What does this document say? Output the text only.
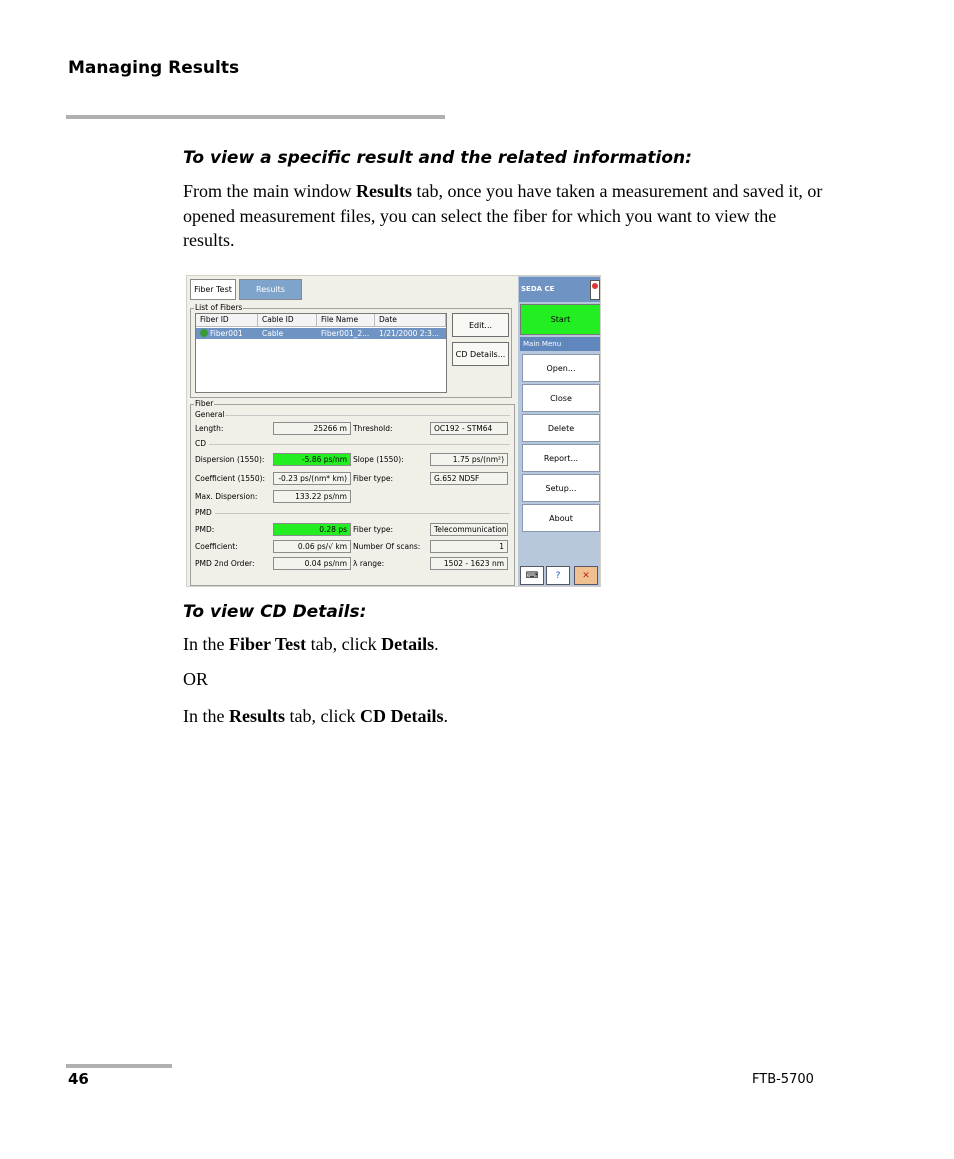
Managing Results
To view a specific result and the related information:
From the main window Results tab, once you have taken a measurement and saved it, or opened measurement files, you can select the fiber for which you want to view the results.
Fiber Test	Results
List of Fibers
Fiber ID	Cable ID	File Name	Date
Fiber001	Cable	Fiber001_2...	1/21/2000 2:3...
Edit...
CD Details...
Fiber
General
Length:	25266 m Threshold:	OC192 - STM64
CD
Dispersion (1550):	-5.86 ps/nm Slope (1550):	1.75 ps/(nm²)
Coefficient (1550):	-0.23 ps/(nm* km) Fiber type:	G.652 NDSF
Max. Dispersion:	133.22 ps/nm
PMD
PMD:	0.28 ps Fiber type:	Telecommunication
Coefficient:	0.06 ps/√ km Number Of scans:	1
PMD 2nd Order:	0.04 ps/nm λ range:	1502 - 1623 nm
SEDA CE
Start
Main Menu
Open...
Close
Delete
Report...
Setup...
About
⌨	?	✕
To view CD Details:
In the Fiber Test tab, click Details.
OR
In the Results tab, click CD Details.
46	FTB-5700
